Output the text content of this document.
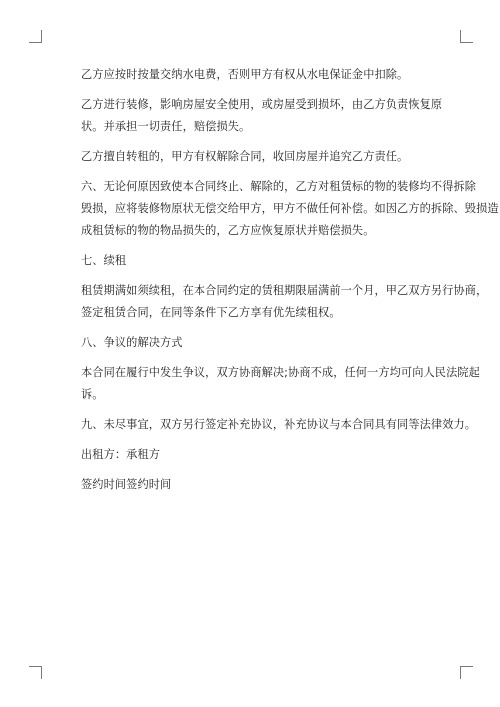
乙方应按时按量交纳水电费，否则甲方有权从水电保证金中扣除。
乙方进行装修，影响房屋安全使用，或房屋受到损坏，由乙方负责恢复原
状。并承担一切责任，赔偿损失。
乙方擅自转租的，甲方有权解除合同，收回房屋并追究乙方责任。
六、无论何原因致使本合同终止、解除的，乙方对租赁标的物的装修均不得拆除
毁损，应将装修物原状无偿交给甲方，甲方不做任何补偿。如因乙方的拆除、毁损造
成租赁标的物的物品损失的，乙方应恢复原状并赔偿损失。
七、续租
租赁期满如须续租，在本合同约定的赁租期限届满前一个月，甲乙双方另行协商，
签定租赁合同，在同等条件下乙方享有优先续租权。
八、争议的解决方式
本合同在履行中发生争议，双方协商解决;协商不成，任何一方均可向人民法院起
诉。
九、未尽事宜，双方另行签定补充协议，补充协议与本合同具有同等法律效力。
出租方：承租方
签约时间签约时间
